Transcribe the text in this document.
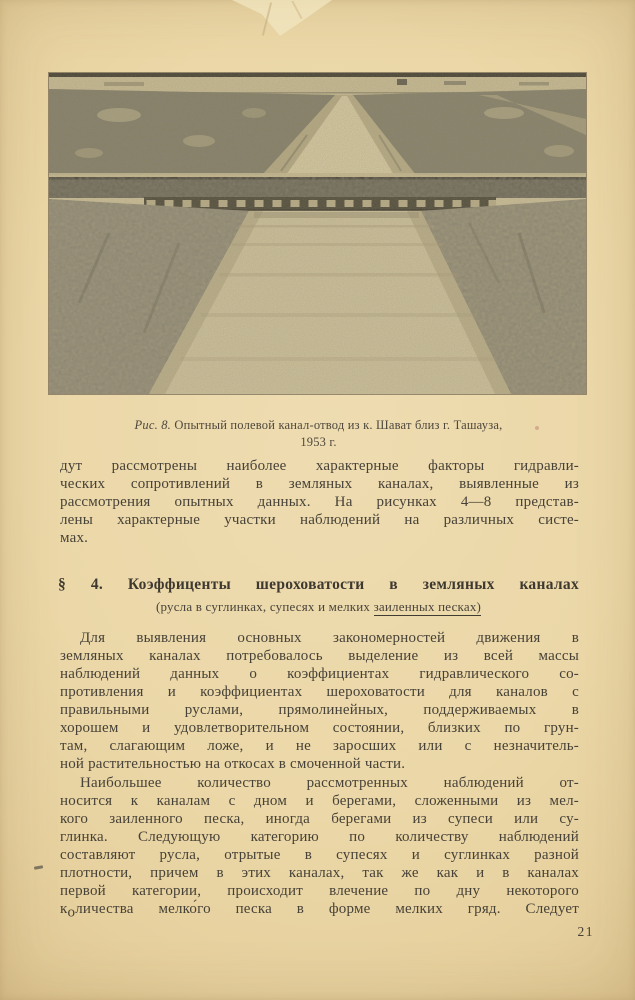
Рис. 8. Опытный полевой канал-отвод из к. Шават близ г. Ташауза,
1953 г.
дут рассмотрены наиболее характерные факторы гидравли-
ческих сопротивлений в земляных каналах, выявленные из
рассмотрения опытных данных. На рисунках 4—8 представ-
лены характерные участки наблюдений на различных систе-
мах.
§ 4. Коэффиценты шероховатости в земляных каналах
(русла в суглинках, супесях и мелких заиленных песках)
Для выявления основных закономерностей движения в
земляных каналах потребовалось выделение из всей массы
наблюдений данных о коэффициентах гидравлического со-
противления и коэффициентах шероховатости для каналов с
правильными руслами, прямолинейных, поддерживаемых в
хорошем и удовлетворительном состоянии, близких по грун-
там, слагающим ложе, и не заросших или с незначитель-
ной растительностью на откосах в смоченной части.
Наибольшее количество рассмотренных наблюдений от-
носится к каналам с дном и берегами, сложенными из мел-
кого заиленного песка, иногда берегами из супеси или су-
глинка. Следующую категорию по количеству наблюдений
составляют русла, отрытые в супесях и суглинках разной
плотности, причем в этих каналах, так же как и в каналах
первой категории, происходит влечение по дну некоторого
количества мелко́го песка в форме мелких гряд. Следует
21
